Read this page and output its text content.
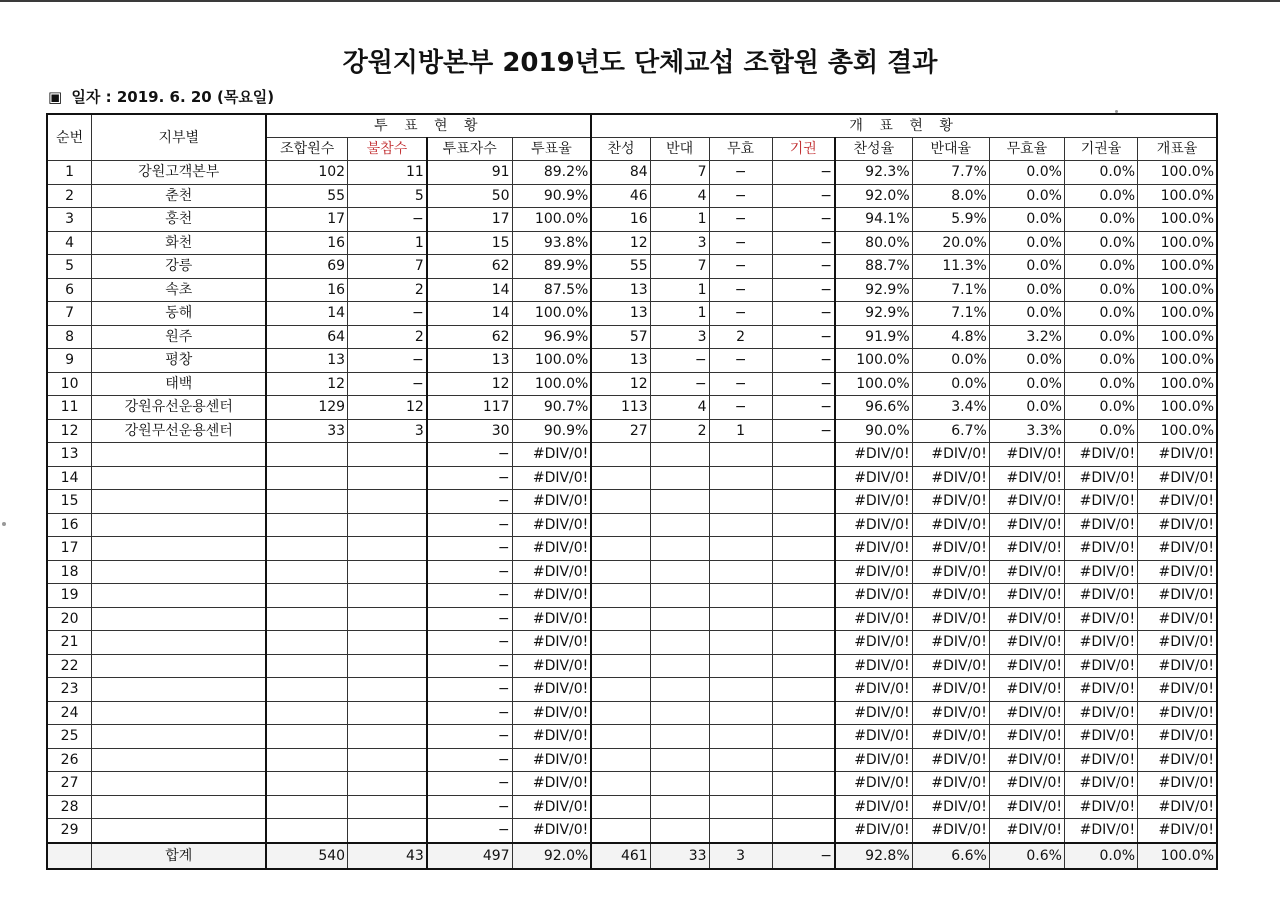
강원지방본부 2019년도 단체교섭 조합원 총회 결과
▣ 일자 : 2019. 6. 20 (목요일)
순번	지부별	투 표 현 황				개 표 현 황								
		조합원수	불참수	투표자수	투표율	찬성	반대	무효	기권	찬성율	반대율	무효율	기권율	개표율
1	강원고객본부	102	11	91	89.2%	84	7	−	−	92.3%	7.7%	0.0%	0.0%	100.0%
2	춘천	55	5	50	90.9%	46	4	−	−	92.0%	8.0%	0.0%	0.0%	100.0%
3	홍천	17	−	17	100.0%	16	1	−	−	94.1%	5.9%	0.0%	0.0%	100.0%
4	화천	16	1	15	93.8%	12	3	−	−	80.0%	20.0%	0.0%	0.0%	100.0%
5	강릉	69	7	62	89.9%	55	7	−	−	88.7%	11.3%	0.0%	0.0%	100.0%
6	속초	16	2	14	87.5%	13	1	−	−	92.9%	7.1%	0.0%	0.0%	100.0%
7	동해	14	−	14	100.0%	13	1	−	−	92.9%	7.1%	0.0%	0.0%	100.0%
8	원주	64	2	62	96.9%	57	3	2	−	91.9%	4.8%	3.2%	0.0%	100.0%
9	평창	13	−	13	100.0%	13	−	−	−	100.0%	0.0%	0.0%	0.0%	100.0%
10	태백	12	−	12	100.0%	12	−	−	−	100.0%	0.0%	0.0%	0.0%	100.0%
11	강원유선운용센터	129	12	117	90.7%	113	4	−	−	96.6%	3.4%	0.0%	0.0%	100.0%
12	강원무선운용센터	33	3	30	90.9%	27	2	1	−	90.0%	6.7%	3.3%	0.0%	100.0%
13				−	#DIV/0!					#DIV/0!	#DIV/0!	#DIV/0!	#DIV/0!	#DIV/0!
14				−	#DIV/0!					#DIV/0!	#DIV/0!	#DIV/0!	#DIV/0!	#DIV/0!
15				−	#DIV/0!					#DIV/0!	#DIV/0!	#DIV/0!	#DIV/0!	#DIV/0!
16				−	#DIV/0!					#DIV/0!	#DIV/0!	#DIV/0!	#DIV/0!	#DIV/0!
17				−	#DIV/0!					#DIV/0!	#DIV/0!	#DIV/0!	#DIV/0!	#DIV/0!
18				−	#DIV/0!					#DIV/0!	#DIV/0!	#DIV/0!	#DIV/0!	#DIV/0!
19				−	#DIV/0!					#DIV/0!	#DIV/0!	#DIV/0!	#DIV/0!	#DIV/0!
20				−	#DIV/0!					#DIV/0!	#DIV/0!	#DIV/0!	#DIV/0!	#DIV/0!
21				−	#DIV/0!					#DIV/0!	#DIV/0!	#DIV/0!	#DIV/0!	#DIV/0!
22				−	#DIV/0!					#DIV/0!	#DIV/0!	#DIV/0!	#DIV/0!	#DIV/0!
23				−	#DIV/0!					#DIV/0!	#DIV/0!	#DIV/0!	#DIV/0!	#DIV/0!
24				−	#DIV/0!					#DIV/0!	#DIV/0!	#DIV/0!	#DIV/0!	#DIV/0!
25				−	#DIV/0!					#DIV/0!	#DIV/0!	#DIV/0!	#DIV/0!	#DIV/0!
26				−	#DIV/0!					#DIV/0!	#DIV/0!	#DIV/0!	#DIV/0!	#DIV/0!
27				−	#DIV/0!					#DIV/0!	#DIV/0!	#DIV/0!	#DIV/0!	#DIV/0!
28				−	#DIV/0!					#DIV/0!	#DIV/0!	#DIV/0!	#DIV/0!	#DIV/0!
29				−	#DIV/0!					#DIV/0!	#DIV/0!	#DIV/0!	#DIV/0!	#DIV/0!
	합계	540	43	497	92.0%	461	33	3	−	92.8%	6.6%	0.6%	0.0%	100.0%
